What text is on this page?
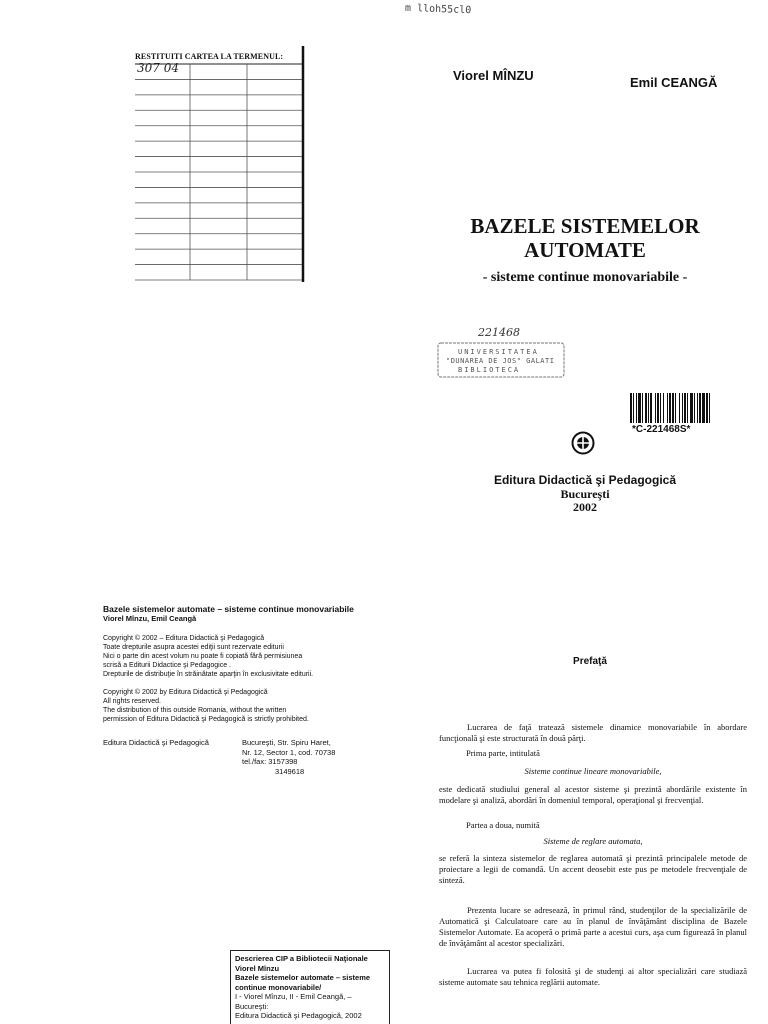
m lloh55cl0
RESTITUITI CARTEA LA TERMENUL:
307 04	Viorel MÎNZU	Emil CEANGĂ
BAZELE SISTEMELOR
AUTOMATE
- sisteme continue monovariabile -
221468
UNIVERSITATEA
"DUNAREA DE JOS" GALATI
BIBLIOTECA
*C-221468S*
Editura Didactică şi Pedagogică
Bucureşti
2002
Bazele sistemelor automate – sisteme continue monovariabile
Viorel Mînzu, Emil Ceangă
Copyright © 2002 – Editura Didactică şi Pedagogică
Toate drepturile asupra acestei ediţii sunt rezervate editurii
Nici o parte din acest volum nu poate fi copiată fără permisiunea
scrisă a Editurii Didactice şi Pedagogice .
Drepturile de distribuţie în străinătate aparţin în exclusivitate editurii.
Copyright © 2002 by Editura Didactică şi Pedagogică
All rights reserved.
The distribution of this outside Romania, without the written
permission of Editura Didactică şi Pedagogică is strictly prohibited.
Editura Didactică şi Pedagogică	Bucureşti, Str. Spiru Haret,
Nr. 12, Sector 1, cod. 70738
tel./fax: 3157398
3149618
Descrierea CIP a Bibliotecii Naţionale
Viorel Mînzu
Bazele sistemelor automate – sisteme continue monovariabile/
I - Viorel Mînzu, II - Emil Ceangă, –
Bucureşti:
Editura Didactică şi Pedagogică, 2002
Prefaţă
Lucrarea de faţă tratează sistemele dinamice monovariabile în abordare funcţională şi este structurată în două părţi.
Prima parte, intitulată
Sisteme continue lineare monovariabile,
este dedicată studiului general al acestor sisteme şi prezintă abordările existente în modelare şi analiză, abordări în domeniul temporal, operaţional şi frecvenţial.
Partea a doua, numită
Sisteme de reglare automata,
se referă la sinteza sistemelor de reglarea automată şi prezintă principalele metode de proiectare a legii de comandă. Un accent deosebit este pus pe metodele frecvenţiale de sinteză.
Prezenta lucare se adresează, în primul rând, studenţilor de la specializările de Automatică şi Calculatoare care au în planul de învăţământ disciplina de Bazele Sistemelor Automate. Ea acoperă o primă parte a acestui curs, aşa cum figurează în planul de învăţământ al acestor specializări.
Lucrarea va putea fi folosită şi de studenţi ai altor specializări care studiază sisteme automate sau tehnica reglării automate.
